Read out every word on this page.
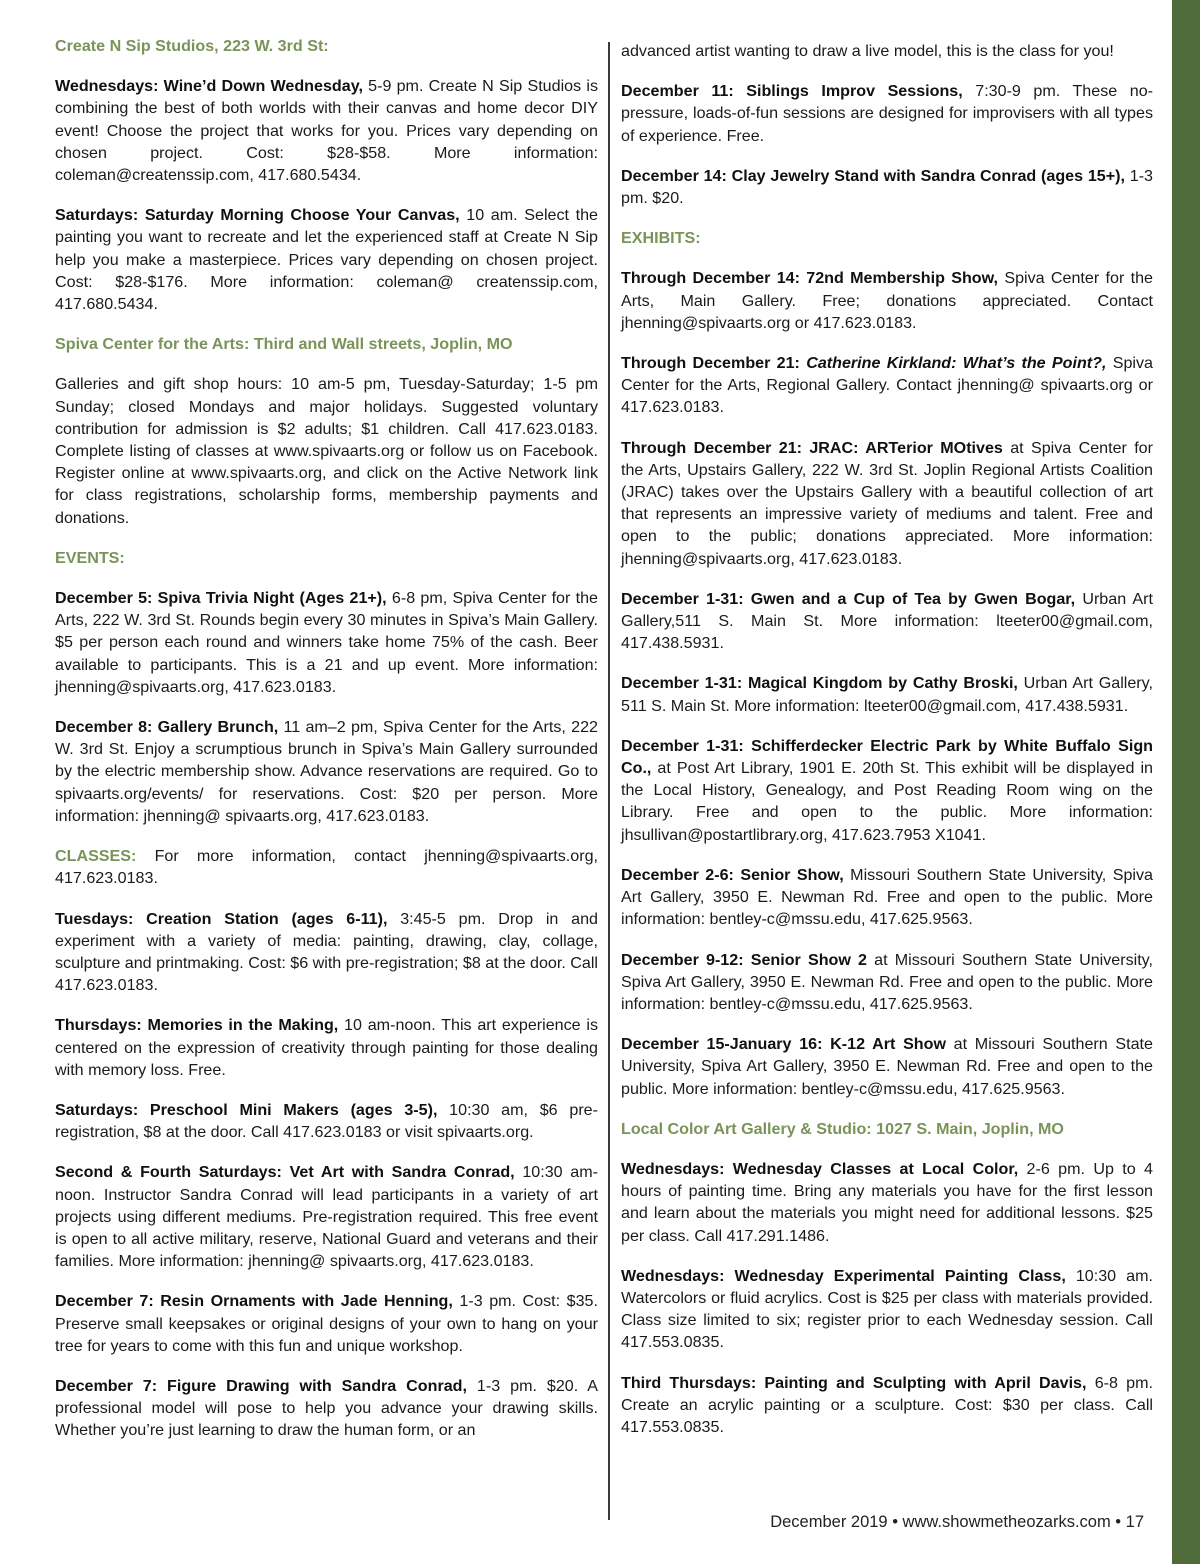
Create N Sip Studios, 223 W. 3rd St:

Wednesdays: Wine’d Down Wednesday, 5-9 pm. Create N Sip Studios is combining the best of both worlds with their canvas and home decor DIY event! Choose the project that works for you. Prices vary depending on chosen project. Cost: $28-$58. More information: coleman@createnssip.com, 417.680.5434.

Saturdays: Saturday Morning Choose Your Canvas, 10 am. Select the painting you want to recreate and let the experienced staff at Create N Sip help you make a masterpiece. Prices vary depending on chosen project. Cost: $28-$176. More information: coleman@ createnssip.com, 417.680.5434.

Spiva Center for the Arts: Third and Wall streets, Joplin, MO

Galleries and gift shop hours: 10 am-5 pm, Tuesday-Saturday; 1-5 pm Sunday; closed Mondays and major holidays. Suggested voluntary contribution for admission is $2 adults; $1 children. Call 417.623.0183. Complete listing of classes at www.spivaarts.org or follow us on Facebook. Register online at www.spivaarts.org, and click on the Active Network link for class registrations, scholarship forms, membership payments and donations.

EVENTS:

December 5: Spiva Trivia Night (Ages 21+), 6-8 pm, Spiva Center for the Arts, 222 W. 3rd St. Rounds begin every 30 minutes in Spiva’s Main Gallery. $5 per person each round and winners take home 75% of the cash. Beer available to participants. This is a 21 and up event. More information: jhenning@spivaarts.org, 417.623.0183.

December 8: Gallery Brunch, 11 am–2 pm, Spiva Center for the Arts, 222 W. 3rd St. Enjoy a scrumptious brunch in Spiva’s Main Gallery surrounded by the electric membership show. Advance reservations are required. Go to spivaarts.org/events/ for reservations. Cost: $20 per person. More information: jhenning@ spivaarts.org, 417.623.0183.

CLASSES: For more information, contact jhenning@spivaarts.org, 417.623.0183.

Tuesdays: Creation Station (ages 6-11), 3:45-5 pm. Drop in and experiment with a variety of media: painting, drawing, clay, collage, sculpture and printmaking. Cost: $6 with pre-registration; $8 at the door. Call 417.623.0183.

Thursdays: Memories in the Making, 10 am-noon. This art experience is centered on the expression of creativity through painting for those dealing with memory loss. Free.

Saturdays: Preschool Mini Makers (ages 3-5), 10:30 am, $6 pre-registration, $8 at the door. Call 417.623.0183 or visit spivaarts.org.

Second & Fourth Saturdays: Vet Art with Sandra Conrad, 10:30 am-noon. Instructor Sandra Conrad will lead participants in a variety of art projects using different mediums. Pre-registration required. This free event is open to all active military, reserve, National Guard and veterans and their families. More information: jhenning@ spivaarts.org, 417.623.0183.

December 7: Resin Ornaments with Jade Henning, 1-3 pm. Cost: $35. Preserve small keepsakes or original designs of your own to hang on your tree for years to come with this fun and unique workshop.

December 7: Figure Drawing with Sandra Conrad, 1-3 pm. $20. A professional model will pose to help you advance your drawing skills. Whether you’re just learning to draw the human form, or an

advanced artist wanting to draw a live model, this is the class for you!

December 11: Siblings Improv Sessions, 7:30-9 pm. These no-pressure, loads-of-fun sessions are designed for improvisers with all types of experience. Free.

December 14: Clay Jewelry Stand with Sandra Conrad (ages 15+), 1-3 pm. $20.

EXHIBITS:

Through December 14: 72nd Membership Show, Spiva Center for the Arts, Main Gallery. Free; donations appreciated. Contact jhenning@spivaarts.org or 417.623.0183.

Through December 21: Catherine Kirkland: What’s the Point?, Spiva Center for the Arts, Regional Gallery. Contact jhenning@ spivaarts.org or 417.623.0183.

Through December 21: JRAC: ARTerior MOtives at Spiva Center for the Arts, Upstairs Gallery, 222 W. 3rd St. Joplin Regional Artists Coalition (JRAC) takes over the Upstairs Gallery with a beautiful collection of art that represents an impressive variety of mediums and talent. Free and open to the public; donations appreciated. More information: jhenning@spivaarts.org, 417.623.0183.

December 1-31: Gwen and a Cup of Tea by Gwen Bogar, Urban Art Gallery,511 S. Main St. More information: lteeter00@gmail.com, 417.438.5931.

December 1-31: Magical Kingdom by Cathy Broski, Urban Art Gallery, 511 S. Main St. More information: lteeter00@gmail.com, 417.438.5931.

December 1-31: Schifferdecker Electric Park by White Buffalo Sign Co., at Post Art Library, 1901 E. 20th St. This exhibit will be displayed in the Local History, Genealogy, and Post Reading Room wing on the Library. Free and open to the public. More information: jhsullivan@postartlibrary.org, 417.623.7953 X1041.

December 2-6: Senior Show, Missouri Southern State University, Spiva Art Gallery, 3950 E. Newman Rd. Free and open to the public. More information: bentley-c@mssu.edu, 417.625.9563.

December 9-12: Senior Show 2 at Missouri Southern State University, Spiva Art Gallery, 3950 E. Newman Rd. Free and open to the public. More information: bentley-c@mssu.edu, 417.625.9563.

December 15-January 16: K-12 Art Show at Missouri Southern State University, Spiva Art Gallery, 3950 E. Newman Rd. Free and open to the public. More information: bentley-c@mssu.edu, 417.625.9563.

Local Color Art Gallery & Studio: 1027 S. Main, Joplin, MO

Wednesdays: Wednesday Classes at Local Color, 2-6 pm. Up to 4 hours of painting time. Bring any materials you have for the first lesson and learn about the materials you might need for additional lessons. $25 per class. Call 417.291.1486.

Wednesdays: Wednesday Experimental Painting Class, 10:30 am. Watercolors or fluid acrylics. Cost is $25 per class with materials provided. Class size limited to six; register prior to each Wednesday session. Call 417.553.0835.

Third Thursdays: Painting and Sculpting with April Davis, 6-8 pm. Create an acrylic painting or a sculpture. Cost: $30 per class. Call 417.553.0835.

December 2019 • www.showmetheozarks.com • 17
